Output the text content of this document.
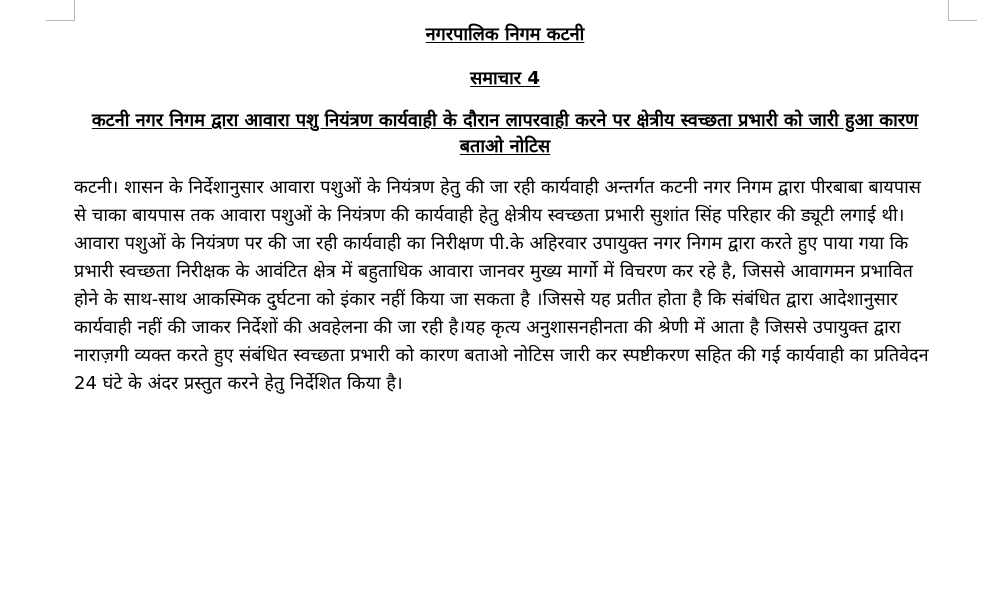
नगरपालिक निगम कटनी

समाचार 4

कटनी नगर निगम द्वारा आवारा पशु नियंत्रण कार्यवाही के दौरान लापरवाही करने पर क्षेत्रीय स्वच्छता प्रभारी को जारी हुआ कारण बताओ नोटिस

कटनी। शासन के निर्देशानुसार आवारा पशुओं के नियंत्रण हेतु की जा रही कार्यवाही अन्तर्गत कटनी नगर निगम द्वारा पीरबाबा बायपास से चाका बायपास तक आवारा पशुओं के नियंत्रण की कार्यवाही हेतु क्षेत्रीय स्वच्छता प्रभारी सुशांत सिंह परिहार की ड्यूटी लगाई थी। आवारा पशुओं के नियंत्रण पर की जा रही कार्यवाही का निरीक्षण पी.के अहिरवार उपायुक्त नगर निगम द्वारा करते हुए पाया गया कि प्रभारी स्वच्छता निरीक्षक के आवंटित क्षेत्र में बहुताधिक आवारा जानवर मुख्य मार्गो में विचरण कर रहे है, जिससे आवागमन प्रभावित होने के साथ-साथ आकस्मिक दुर्घटना को इंकार नहीं किया जा सकता है ।जिससे यह प्रतीत होता है कि संबंधित द्वारा आदेशानुसार कार्यवाही नहीं की जाकर निर्देशों की अवहेलना की जा रही है।यह कृत्य अनुशासनहीनता की श्रेणी में आता है जिससे उपायुक्त द्वारा नाराज़गी व्यक्त करते हुए संबंधित स्वच्छता प्रभारी को कारण बताओ नोटिस जारी कर स्पष्टीकरण सहित की गई कार्यवाही का प्रतिवेदन 24 घंटे के अंदर प्रस्तुत करने हेतु निर्देशित किया है।
